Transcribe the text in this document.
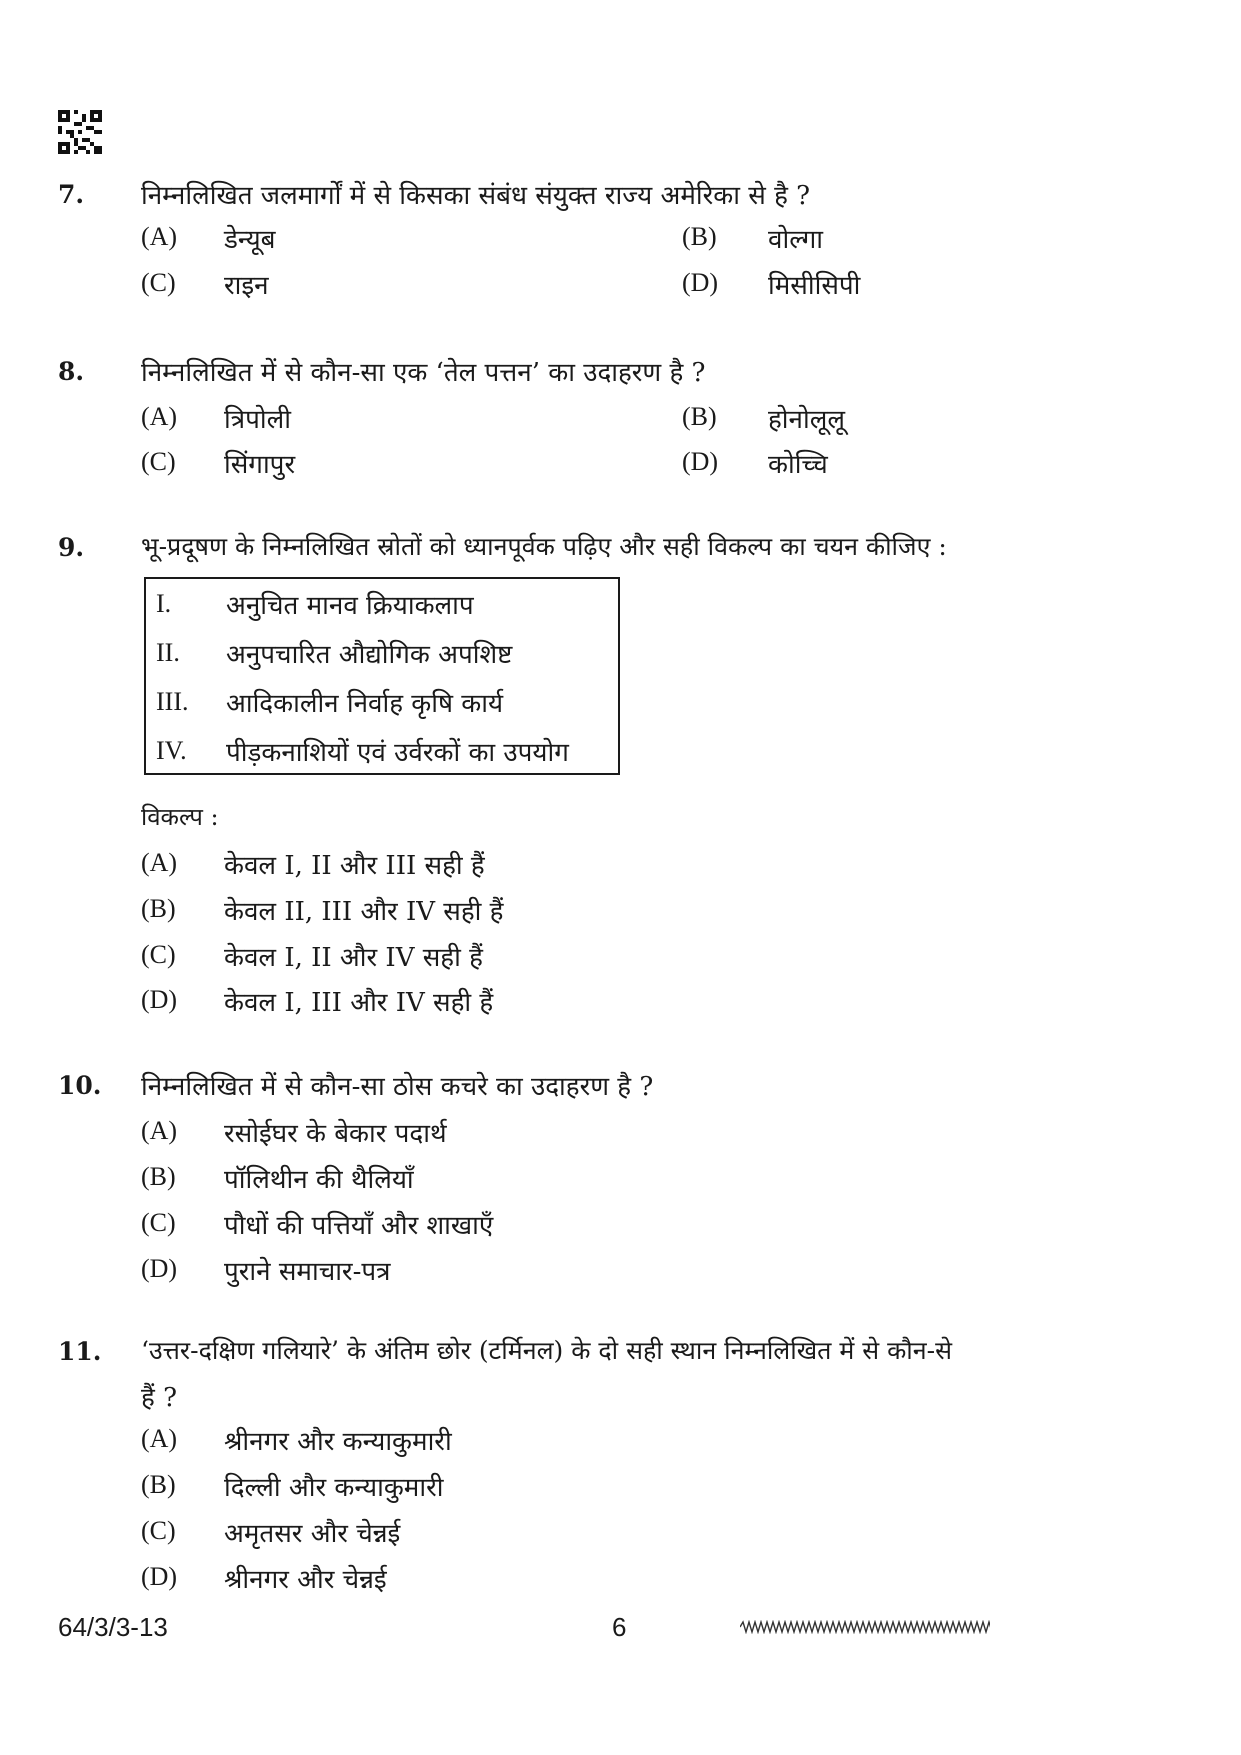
7. निम्नलिखित जलमार्गों में से किसका संबंध संयुक्त राज्य अमेरिका से है ?
(A) डेन्यूब	(B) वोल्गा
(C) राइन	(D) मिसीसिपी
8. निम्नलिखित में से कौन-सा एक ‘तेल पत्तन’ का उदाहरण है ?
(A) त्रिपोली	(B) होनोलूलू
(C) सिंगापुर	(D) कोच्चि
9. भू-प्रदूषण के निम्नलिखित स्रोतों को ध्यानपूर्वक पढ़िए और सही विकल्प का चयन कीजिए :
I.	अनुचित मानव क्रियाकलाप
II.	अनुपचारित औद्योगिक अपशिष्ट
III.	आदिकालीन निर्वाह कृषि कार्य
IV.	पीड़कनाशियों एवं उर्वरकों का उपयोग
विकल्प :
(A) केवल I, II और III सही हैं
(B) केवल II, III और IV सही हैं
(C) केवल I, II और IV सही हैं
(D) केवल I, III और IV सही हैं
10. निम्नलिखित में से कौन-सा ठोस कचरे का उदाहरण है ?
(A) रसोईघर के बेकार पदार्थ
(B) पॉलिथीन की थैलियाँ
(C) पौधों की पत्तियाँ और शाखाएँ
(D) पुराने समाचार-पत्र
11. ‘उत्तर-दक्षिण गलियारे’ के अंतिम छोर (टर्मिनल) के दो सही स्थान निम्नलिखित में से कौन-से
हैं ?
(A) श्रीनगर और कन्याकुमारी
(B) दिल्ली और कन्याकुमारी
(C) अमृतसर और चेन्नई
(D) श्रीनगर और चेन्नई
64/3/3-13	6
